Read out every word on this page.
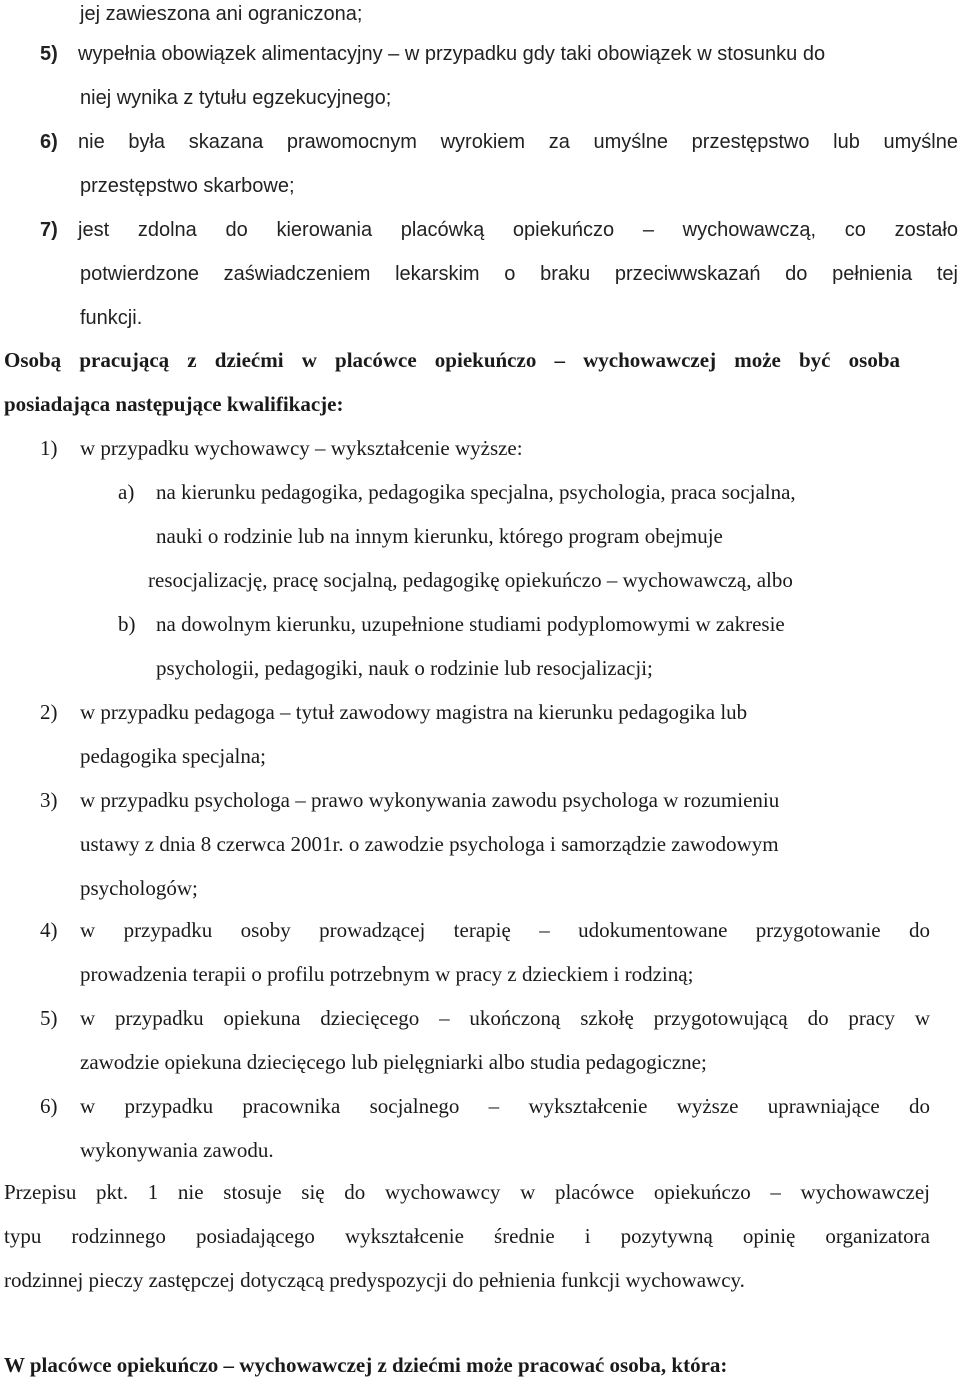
jej zawieszona ani ograniczona;
5) wypełnia obowiązek alimentacyjny – w przypadku gdy taki obowiązek w stosunku do
niej wynika z tytułu egzekucyjnego;
6)	nie była skazana prawomocnym wyrokiem za umyślne przestępstwo lub umyślne
przestępstwo skarbowe;
7)	jest zdolna do kierowania placówką opiekuńczo – wychowawczą, co zostało
potwierdzone zaświadczeniem lekarskim o braku przeciwwskazań do pełnienia tej
funkcji.
Osobą pracującą z dziećmi w placówce opiekuńczo – wychowawczej może być osoba
posiadająca następujące kwalifikacje:
1) w przypadku wychowawcy – wykształcenie wyższe:
a) na kierunku pedagogika, pedagogika specjalna, psychologia, praca socjalna,
nauki o rodzinie lub na innym kierunku, którego program obejmuje
resocjalizację, pracę socjalną, pedagogikę opiekuńczo – wychowawczą, albo
b) na dowolnym kierunku, uzupełnione studiami podyplomowymi w zakresie
psychologii, pedagogiki, nauk o rodzinie lub resocjalizacji;
2) w przypadku pedagoga – tytuł zawodowy magistra na kierunku pedagogika lub
pedagogika specjalna;
3) w przypadku psychologa – prawo wykonywania zawodu psychologa w rozumieniu
ustawy z dnia 8 czerwca 2001r. o zawodzie psychologa i samorządzie zawodowym
psychologów;
4)	w przypadku osoby prowadzącej terapię – udokumentowane przygotowanie do
prowadzenia terapii o profilu potrzebnym w pracy z dzieckiem i rodziną;
5)	w przypadku opiekuna dziecięcego – ukończoną szkołę przygotowującą do pracy w
zawodzie opiekuna dziecięcego lub pielęgniarki albo studia pedagogiczne;
6)	w przypadku pracownika socjalnego – wykształcenie wyższe uprawniające do
wykonywania zawodu.
Przepisu pkt. 1 nie stosuje się do wychowawcy w placówce opiekuńczo – wychowawczej
typu rodzinnego posiadającego wykształcenie średnie i pozytywną opinię organizatora
rodzinnej pieczy zastępczej dotyczącą predyspozycji do pełnienia funkcji wychowawcy.
W placówce opiekuńczo – wychowawczej z dziećmi może pracować osoba, która:
